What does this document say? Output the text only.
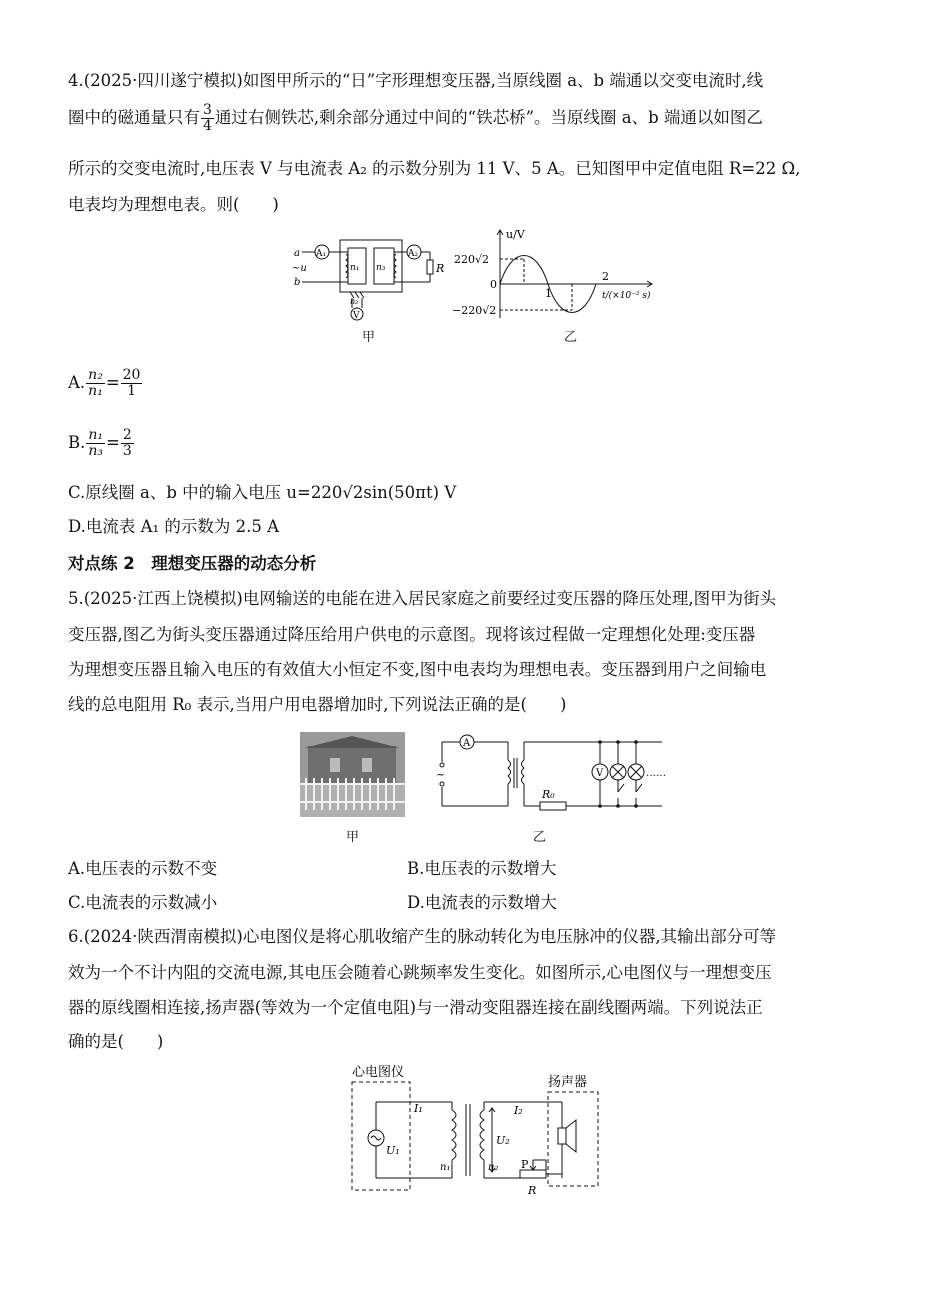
4.(2025·四川遂宁模拟)如图甲所示的“日”字形理想变压器,当原线圈 a、b 端通以交变电流时,线
圈中的磁通量只有 $\frac{3}{4}$ 通过右侧铁芯,剩余部分通过中间的“铁芯桥”。当原线圈 a、b 端通以如图乙
所示的交变电流时,电压表 V 与电流表 A₂ 的示数分别为 11 V、5 A。已知图甲中定值电阻 R=22 Ω,
电表均为理想电表。则(　　)
a
~u
b
A₁	A₂
n₁ n₃
n₂
R
V
甲
u/V
220√2
0
−220√2
1
2
t/(×10⁻² s)
乙
A. $\frac{\text{n₂}}{\text{n₁}} = \frac{20}{1}$
B. $\frac{\text{n₁}}{\text{n₃}} = \frac{2}{3}$
C.原线圈 a、b 中的输入电压 u=220√2sin(50πt) V
D.电流表 A₁ 的示数为 2.5 A
对点练 2　理想变压器的动态分析
5.(2025·江西上饶模拟)电网输送的电能在进入居民家庭之前要经过变压器的降压处理,图甲为街头
变压器,图乙为街头变压器通过降压给用户供电的示意图。现将该过程做一定理想化处理:变压器
为理想变压器且输入电压的有效值大小恒定不变,图中电表均为理想电表。变压器到用户之间输电
线的总电阻用 R₀ 表示,当用户用电器增加时,下列说法正确的是(　　)
甲
A
~	V
R₀
……
乙
A.电压表的示数不变	B.电压表的示数增大
C.电流表的示数减小	D.电流表的示数增大
6.(2024·陕西渭南模拟)心电图仪是将心肌收缩产生的脉动转化为电压脉冲的仪器,其输出部分可等
效为一个不计内阻的交流电源,其电压会随着心跳频率发生变化。如图所示,心电图仪与一理想变压
器的原线圈相连接,扬声器(等效为一个定值电阻)与一滑动变阻器连接在副线圈两端。下列说法正
确的是(　　)
心电图仪
扬声器
I₁	I₂
U₁
U₂
n₁	n₂ P
R
